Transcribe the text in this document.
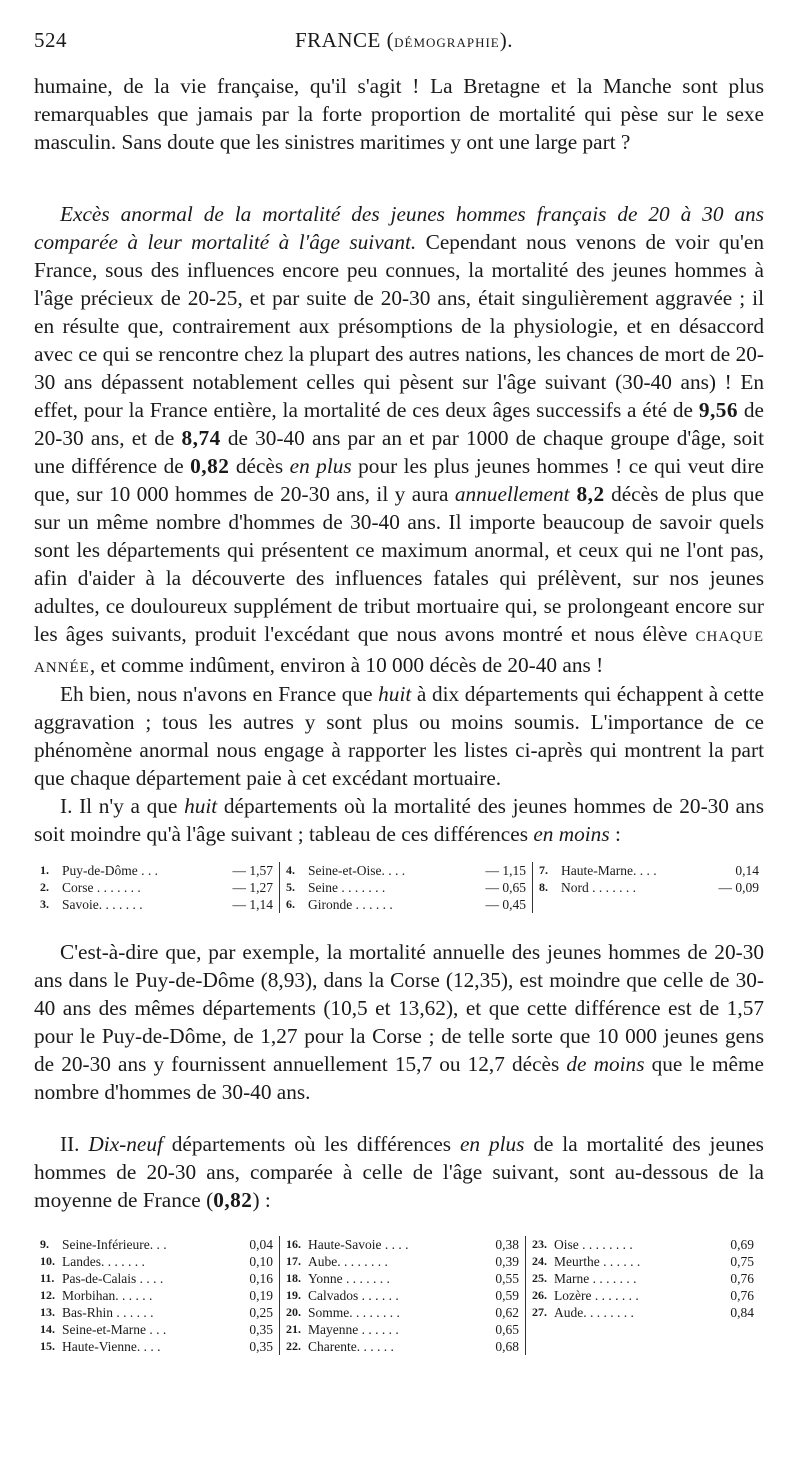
524	FRANCE (DÉMOGRAPHIE).

humaine, de la vie française, qu'il s'agit ! La Bretagne et la Manche sont plus remarquables que jamais par la forte proportion de mortalité qui pèse sur le sexe masculin. Sans doute que les sinistres maritimes y ont une large part ?

Excès anormal de la mortalité des jeunes hommes français de 20 à 30 ans comparée à leur mortalité à l'âge suivant. Cependant nous venons de voir qu'en France, sous des influences encore peu connues, la mortalité des jeunes hommes à l'âge précieux de 20-25, et par suite de 20-30 ans, était singulièrement aggravée ; il en résulte que, contrairement aux présomptions de la physiologie, et en désaccord avec ce qui se rencontre chez la plupart des autres nations, les chances de mort de 20-30 ans dépassent notablement celles qui pèsent sur l'âge suivant (30-40 ans) ! En effet, pour la France entière, la mortalité de ces deux âges successifs a été de 9,56 de 20-30 ans, et de 8,74 de 30-40 ans par an et par 1000 de chaque groupe d'âge, soit une différence de 0,82 décès en plus pour les plus jeunes hommes ! ce qui veut dire que, sur 10 000 hommes de 20-30 ans, il y aura annuellement 8,2 décès de plus que sur un même nombre d'hommes de 30-40 ans. Il importe beaucoup de savoir quels sont les départements qui présentent ce maximum anormal, et ceux qui ne l'ont pas, afin d'aider à la découverte des influences fatales qui prélèvent, sur nos jeunes adultes, ce douloureux supplément de tribut mortuaire qui, se prolongeant encore sur les âges suivants, produit l'excédant que nous avons montré et nous élève CHAQUE ANNÉE, et comme indûment, environ à 10 000 décès de 20-40 ans !

Eh bien, nous n'avons en France que huit à dix départements qui échappent à cette aggravation ; tous les autres y sont plus ou moins soumis. L'importance de ce phénomène anormal nous engage à rapporter les listes ci-après qui montrent la part que chaque département paie à cet excédant mortuaire.

I. Il n'y a que huit départements où la mortalité des jeunes hommes de 20-30 ans soit moindre qu'à l'âge suivant ; tableau de ces différences en moins :

1. Puy-de-Dôme . . .	— 1,57
2. Corse . . . . . . .	— 1,27
3. Savoie. . . . . . .	— 1,14
4. Seine-et-Oise. . . .	— 1,15
5. Seine . . . . . . .	— 0,65
6. Gironde . . . . . .	— 0,45
7. Haute-Marne. . . .	0,14
8. Nord . . . . . . .	— 0,09

C'est-à-dire que, par exemple, la mortalité annuelle des jeunes hommes de 20-30 ans dans le Puy-de-Dôme (8,93), dans la Corse (12,35), est moindre que celle de 30-40 ans des mêmes départements (10,5 et 13,62), et que cette différence est de 1,57 pour le Puy-de-Dôme, de 1,27 pour la Corse ; de telle sorte que 10 000 jeunes gens de 20-30 ans y fournissent annuellement 15,7 ou 12,7 décès de moins que le même nombre d'hommes de 30-40 ans.

II. Dix-neuf départements où les différences en plus de la mortalité des jeunes hommes de 20-30 ans, comparée à celle de l'âge suivant, sont au-dessous de la moyenne de France (0,82) :

9. Seine-Inférieure. . .	0,04
10. Landes. . . . . . .	0,10
11. Pas-de-Calais . . . .	0,16
12. Morbihan. . . . . .	0,19
13. Bas-Rhin . . . . . .	0,25
14. Seine-et-Marne . . .	0,35
15. Haute-Vienne. . . .	0,35
16. Haute-Savoie . . . .	0,38
17. Aube. . . . . . . .	0,39
18. Yonne . . . . . . .	0,55
19. Calvados . . . . . .	0,59
20. Somme. . . . . . . .	0,62
21. Mayenne . . . . . .	0,65
22. Charente. . . . . .	0,68
23. Oise . . . . . . . .	0,69
24. Meurthe . . . . . .	0,75
25. Marne . . . . . . .	0,76
26. Lozère . . . . . . .	0,76
27. Aude. . . . . . . .	0,84
